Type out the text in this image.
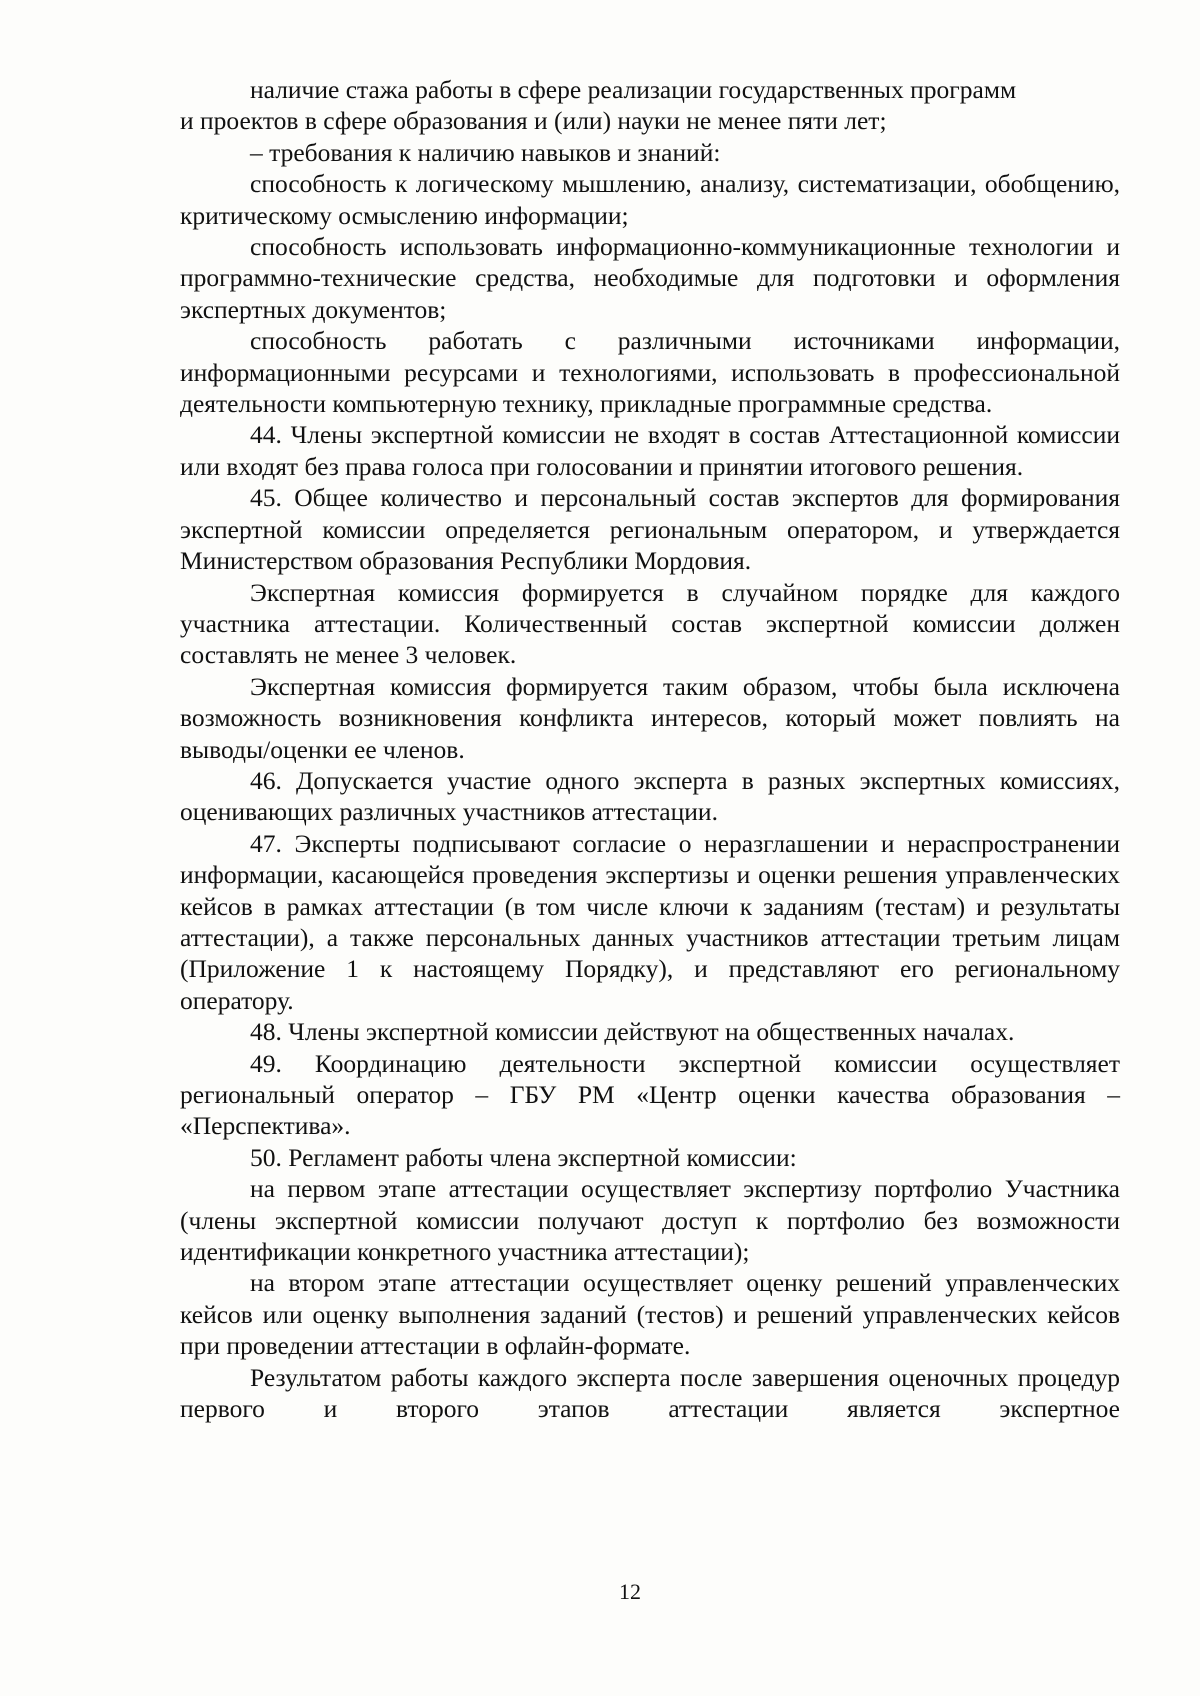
наличие стажа работы в сфере реализации государственных программ

и проектов в сфере образования и (или) науки не менее пяти лет;

– требования к наличию навыков и знаний:

способность к логическому мышлению, анализу, систематизации, обобщению, критическому осмыслению информации;

способность использовать информационно-коммуникационные технологии и программно-технические средства, необходимые для подготовки и оформления экспертных документов;

способность работать с различными источниками информации, информационными ресурсами и технологиями, использовать в профессиональной деятельности компьютерную технику, прикладные программные средства.

44. Члены экспертной комиссии не входят в состав Аттестационной комиссии или входят без права голоса при голосовании и принятии итогового решения.

45. Общее количество и персональный состав экспертов для формирования экспертной комиссии определяется региональным оператором, и утверждается Министерством образования Республики Мордовия.

Экспертная комиссия формируется в случайном порядке для каждого участника аттестации. Количественный состав экспертной комиссии должен составлять не менее 3 человек.

Экспертная комиссия формируется таким образом, чтобы была исключена возможность возникновения конфликта интересов, который может повлиять на выводы/оценки ее членов.

46. Допускается участие одного эксперта в разных экспертных комиссиях, оценивающих различных участников аттестации.

47. Эксперты подписывают согласие о неразглашении и нераспространении информации, касающейся проведения экспертизы и оценки решения управленческих кейсов в рамках аттестации (в том числе ключи к заданиям (тестам) и результаты аттестации), а также персональных данных участников аттестации третьим лицам (Приложение 1 к настоящему Порядку), и представляют его региональному оператору.

48. Члены экспертной комиссии действуют на общественных началах.

49. Координацию деятельности экспертной комиссии осуществляет региональный оператор – ГБУ РМ «Центр оценки качества образования – «Перспектива».

50. Регламент работы члена экспертной комиссии:

на первом этапе аттестации осуществляет экспертизу портфолио Участника (члены экспертной комиссии получают доступ к портфолио без возможности идентификации конкретного участника аттестации);

на втором этапе аттестации осуществляет оценку решений управленческих кейсов или оценку выполнения заданий (тестов) и решений управленческих кейсов при проведении аттестации в офлайн-формате.

Результатом работы каждого эксперта после завершения оценочных процедур первого и второго этапов аттестации является экспертное

12
